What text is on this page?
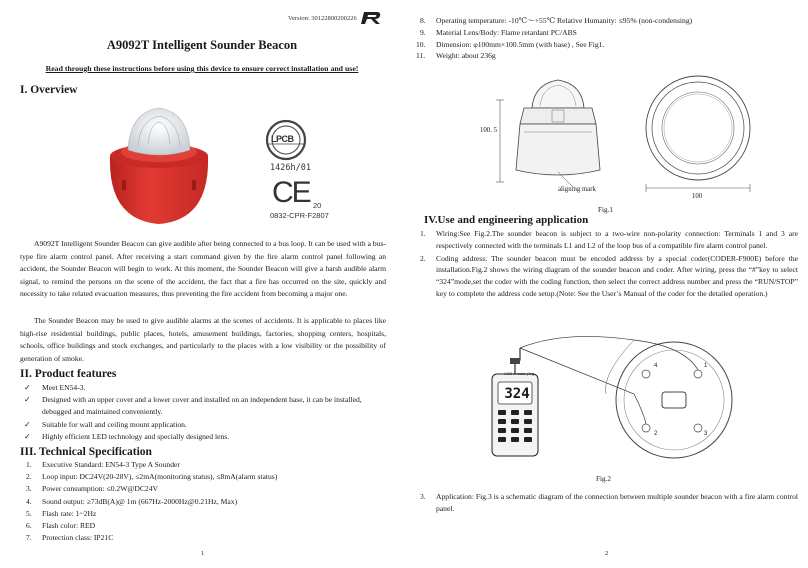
Version: 30122800200226
A9092T Intelligent Sounder Beacon
Read through these instructions before using this device to ensure correct installation and use!
I. Overview
LPCB
1426h/01
CE 20
0832-CPR-F2807
A9092T Intelligent Sounder Beacon can give audible after being connected to a bus loop. It can be used with a bus-type fire alarm control panel. After receiving a start command given by the fire alarm control panel following an accident, the Sounder Beacon will begin to work. At this moment, the Sounder Beacon will give a harsh audible alarm signal, to remind the persons on the scene of the accident, the fact that a fire has occurred on the site, quickly and necessity to take related evacuation measures, thus preventing the fire accident from becoming a major one.
The Sounder Beacon may be used to give audible alarms at the scenes of accidents. It is applicable to places like high-rise residential buildings, public places, hotels, amusement buildings, factories, shopping centers, hospitals, schools, office buildings and stock exchanges, and particularly to the places with a low visibility or the possibility of generation of smoke.
II. Product features
✓ Meet EN54-3.
✓ Designed with an upper cover and a lower cover and installed on an independent base, it can be installed, debugged and maintained conveniently.
✓ Suitable for wall and ceiling mount application.
✓ Highly efficient LED technology and specially designed lens.
III. Technical Specification
1. Executive Standard: EN54-3 Type A Sounder
2. Loop input: DC24V(20-28V), ≤2mA(monitoring status), ≤8mA(alarm status)
3. Power consumption: ≤0.2W@DC24V
4. Sound output: ≥73dB(A)@ 1m (667Hz-2000Hz@0.21Hz, Max)
5. Flash rate: 1~2Hz
6. Flash color: RED
7. Protection class: IP21C
1
8. Operating temperature: -10℃～+55℃ Relative Humanity: ≤95% (non-condensing)
9. Material Lens/Body: Flame retardant PC/ABS
10. Dimension: φ100mm×100.5mm (with base) , See Fig1.
11. Weight: about 236g
100. 5
aligning mark
100
Fig.1
IV.Use and engineering application
1. Wiring:See Fig.2.The sounder beacon is subject to a two-wire non-polarity connection: Terminals 1 and 3 are respectively connected with the terminals L1 and L2 of the loop bus of a compatible fire alarm control panel.
2. Coding address: The sounder beacon must be encoded address by a special coder(CODER-F900E) before the installation.Fig.2 shows the wiring diagram of the sounder beacon and coder. After wiring, press the “#”key to select “324”mode,set the coder with the coding function, then select the correct address number and press the “RUN/STOP” key to complete the address code setup.(Note: See the User’s Manual of the coder for the detailed operation.)
USB A mate plug
324
4	1
2	3
Fig.2
3. Application: Fig.3 is a schematic diagram of the connection between multiple sounder beacon with a fire alarm control panel.
2
